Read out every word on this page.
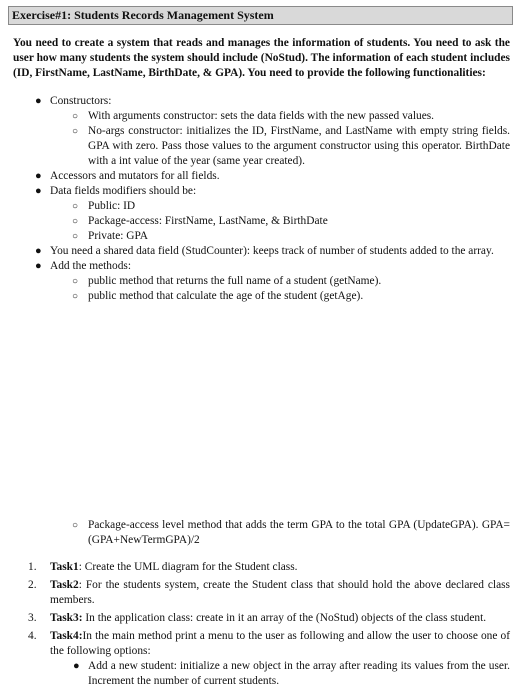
Exercise#1: Students Records Management System

You need to create a system that reads and manages the information of students. You need to ask the user how many students the system should include (NoStud). The information of each student includes (ID, FirstName, LastName, BirthDate, & GPA). You need to provide the following functionalities:

● Constructors:
○ With arguments constructor: sets the data fields with the new passed values.
○ No-args constructor: initializes the ID, FirstName, and LastName with empty string fields. GPA with zero. Pass those values to the argument constructor using this operator. BirthDate with a int value of the year (same year created).
● Accessors and mutators for all fields.
● Data fields modifiers should be:
○ Public: ID
○ Package-access: FirstName, LastName, & BirthDate
○ Private: GPA
● You need a shared data field (StudCounter): keeps track of number of students added to the array.
● Add the methods:
○ public method that returns the full name of a student (getName).
○ public method that calculate the age of the student (getAge).
○ Package-access level method that adds the term GPA to the total GPA (UpdateGPA). GPA= (GPA+NewTermGPA)/2
1. Task1: Create the UML diagram for the Student class.
2. Task2: For the students system, create the Student class that should hold the above declared class members.
3. Task3: In the application class: create in it an array of the (NoStud) objects of the class student.
4. Task4:In the main method print a menu to the user as following and allow the user to choose one of the following options:
● Add a new student: initialize a new object in the array after reading its values from the user. Increment the number of current students.
